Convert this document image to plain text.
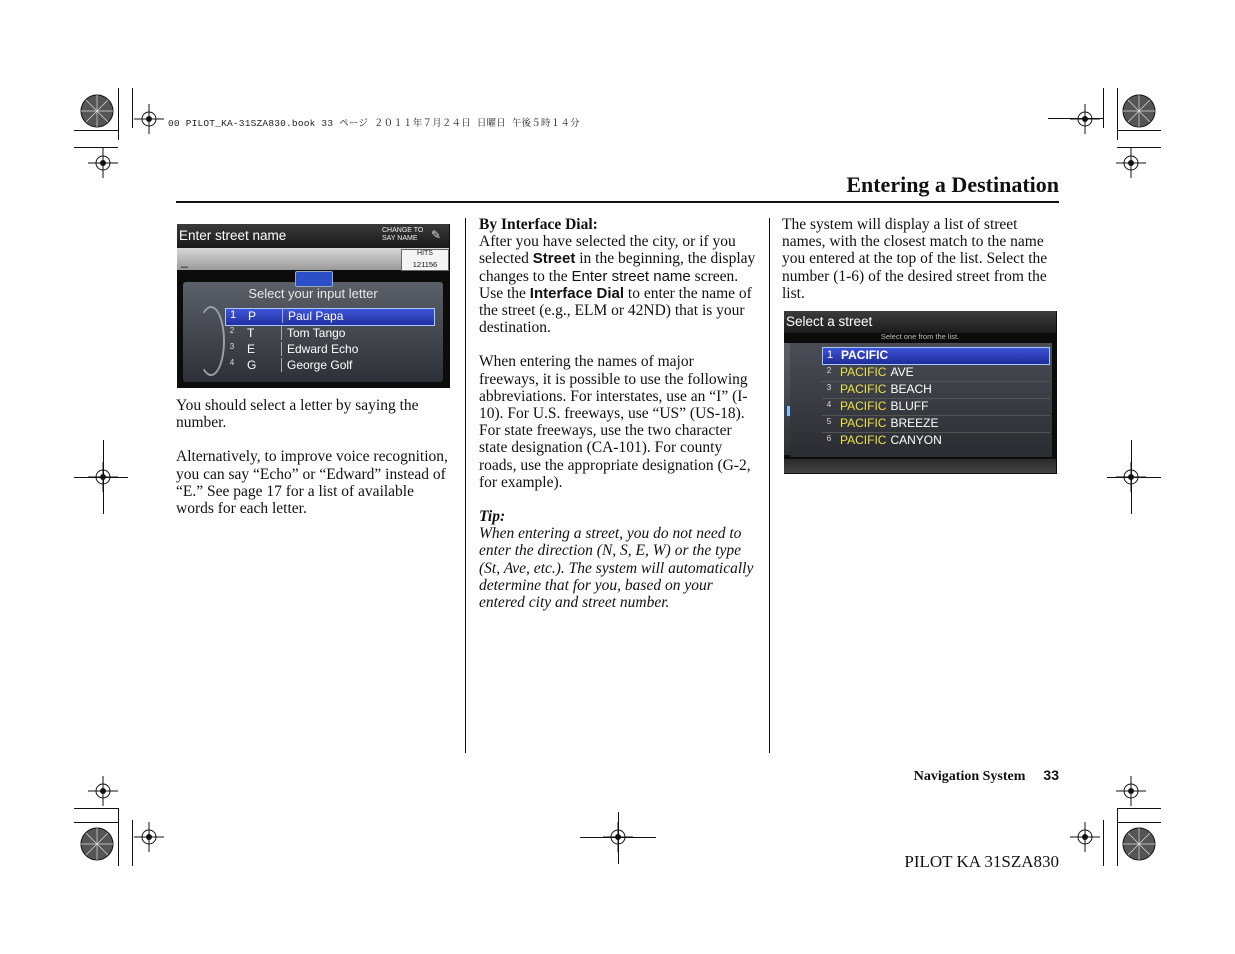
00 PILOT_KA-31SZA830.book 33 ページ ２０１１年７月２４日 日曜日 午後５時１４分
Entering a Destination
Enter street name	CHANGE TO
SAY NAME	✎
_
HITS
121156
Select your input letter
1 P	Paul Papa
2	T	Tom Tango
3	E	Edward Echo
4	G	George Golf

You should select a letter by saying the number.

Alternatively, to improve voice recognition, you can say “Echo” or “Edward” instead of “E.” See page 17 for a list of available words for each letter.

By Interface Dial:

After you have selected the city, or if you selected Street in the beginning, the display changes to the Enter street name screen. Use the Interface Dial to enter the name of the street (e.g., ELM or 42ND) that is your destination.

When entering the names of major freeways, it is possible to use the following abbreviations. For interstates, use an “I” (I-10). For U.S. freeways, use “US” (US-18). For state freeways, use the two character state designation (CA-101). For county roads, use the appropriate designation (G-2, for example).

Tip:
When entering a street, you do not need to enter the direction (N, S, E, W) or the type (St, Ave, etc.). The system will automatically determine that for you, based on your entered city and street number.

The system will display a list of street names, with the closest match to the name you entered at the top of the list. Select the number (1-6) of the desired street from the list.

Select a street
Select one from the list.
1 PACIFIC
2 PACIFIC AVE
3 PACIFIC BEACH
4 PACIFIC BLUFF
5 PACIFIC BREEZE
6 PACIFIC CANYON
Navigation System 33
PILOT KA 31SZA830
